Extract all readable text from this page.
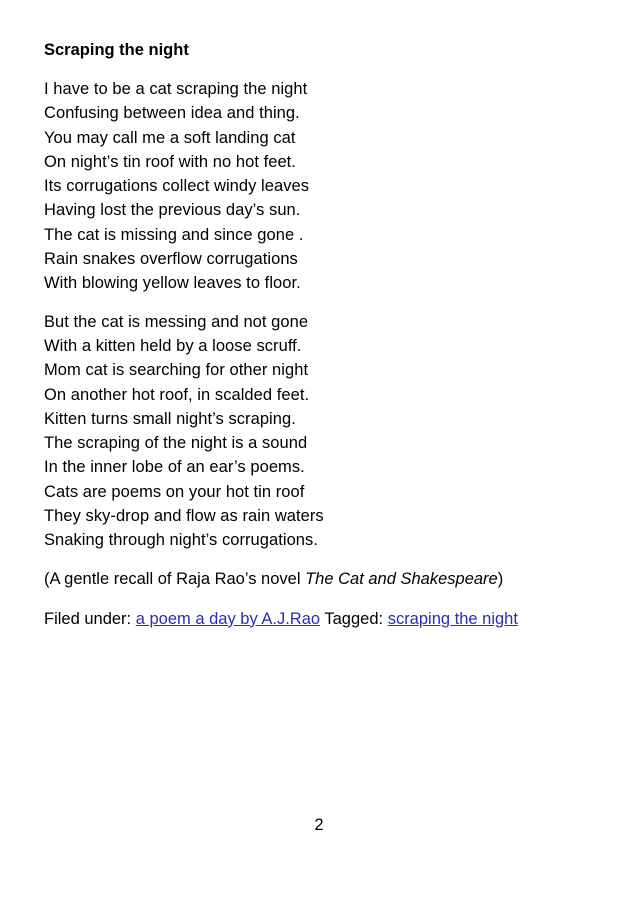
Scraping the night
I have to be a cat scraping the night
Confusing between idea and thing.
You may call me a soft landing cat
On night’s tin roof with no hot feet.
Its corrugations collect windy leaves
Having lost the previous day’s sun.
The cat is missing and since gone .
Rain snakes overflow corrugations
With blowing yellow leaves to floor.
But the cat is messing and not gone
With a kitten held by a loose scruff.
Mom cat is searching for other night
On another hot roof, in scalded feet.
Kitten turns small night’s scraping.
The scraping of the night is a sound
In the inner lobe of an ear’s poems.
Cats are poems on your hot tin roof
They sky-drop and flow as rain waters
Snaking through night’s corrugations.
(A gentle recall of Raja Rao’s novel The Cat and Shakespeare)
Filed under: a poem a day by A.J.Rao Tagged: scraping the night
2
